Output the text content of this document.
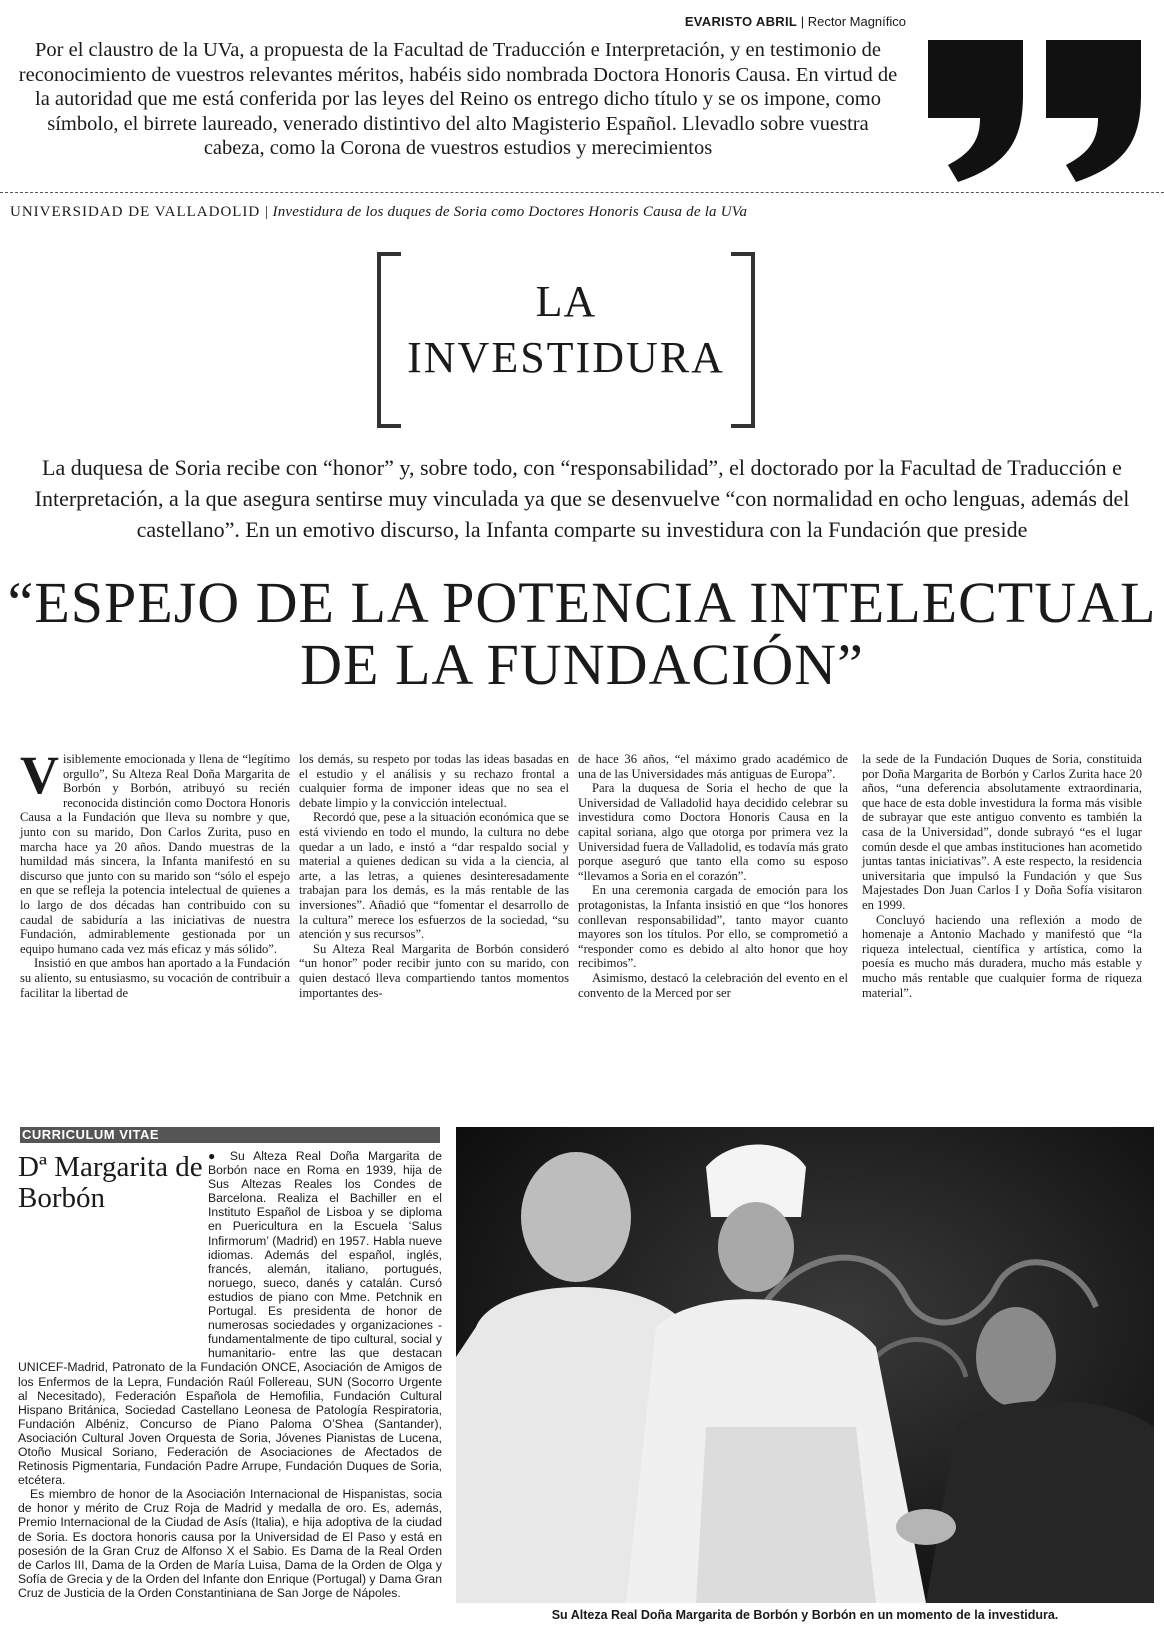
EVARISTO ABRIL | Rector Magnífico
Por el claustro de la UVa, a propuesta de la Facultad de Traducción e Interpretación, y en testimonio de reconocimiento de vuestros relevantes méritos, habéis sido nombrada Doctora Honoris Causa. En virtud de la autoridad que me está conferida por las leyes del Reino os entrego dicho título y se os impone, como símbolo, el birrete laureado, venerado distintivo del alto Magisterio Español. Llevadlo sobre vuestra cabeza, como la Corona de vuestros estudios y merecimientos
UNIVERSIDAD DE VALLADOLID | Investidura de los duques de Soria como Doctores Honoris Causa de la UVa
LA
INVESTIDURA
La duquesa de Soria recibe con “honor” y, sobre todo, con “responsabilidad”, el doctorado por la Facultad de Traducción e Interpretación, a la que asegura sentirse muy vinculada ya que se desenvuelve “con normalidad en ocho lenguas, además del castellano”. En un emotivo discurso, la Infanta comparte su investidura con la Fundación que preside
“ESPEJO DE LA POTENCIA INTELECTUAL DE LA FUNDACIÓN”

Visiblemente emocionada y llena de “legítimo orgullo”, Su Alteza Real Doña Margarita de Borbón y Borbón, atribuyó su recién reconocida distinción como Doctora Honoris Causa a la Fundación que lleva su nombre y que, junto con su marido, Don Carlos Zurita, puso en marcha hace ya 20 años. Dando muestras de la humildad más sincera, la Infanta manifestó en su discurso que junto con su marido son “sólo el espejo en que se refleja la potencia intelectual de quienes a lo largo de dos décadas han contribuido con su caudal de sabiduría a las iniciativas de nuestra Fundación, admirablemente gestionada por un equipo humano cada vez más eficaz y más sólido”.

Insistió en que ambos han aportado a la Fundación su aliento, su entusiasmo, su vocación de contribuir a facilitar la libertad de

los demás, su respeto por todas las ideas basadas en el estudio y el análisis y su rechazo frontal a cualquier forma de imponer ideas que no sea el debate limpio y la convicción intelectual.

Recordó que, pese a la situación económica que se está viviendo en todo el mundo, la cultura no debe quedar a un lado, e instó a “dar respaldo social y material a quienes dedican su vida a la ciencia, al arte, a las letras, a quienes desinteresadamente trabajan para los demás, es la más rentable de las inversiones”. Añadió que “fomentar el desarrollo de la cultura” merece los esfuerzos de la sociedad, “su atención y sus recursos”.

Su Alteza Real Margarita de Borbón consideró “un honor” poder recibir junto con su marido, con quien destacó lleva compartiendo tantos momentos importantes des-

de hace 36 años, “el máximo grado académico de una de las Universidades más antiguas de Europa”.

Para la duquesa de Soria el hecho de que la Universidad de Valladolid haya decidido celebrar su investidura como Doctora Honoris Causa en la capital soriana, algo que otorga por primera vez la Universidad fuera de Valladolid, es todavía más grato porque aseguró que tanto ella como su esposo “llevamos a Soria en el corazón”.

En una ceremonia cargada de emoción para los protagonistas, la Infanta insistió en que “los honores conllevan responsabilidad”, tanto mayor cuanto mayores son los títulos. Por ello, se comprometió a “responder como es debido al alto honor que hoy recibimos”.

Asimismo, destacó la celebración del evento en el convento de la Merced por ser

la sede de la Fundación Duques de Soria, constituida por Doña Margarita de Borbón y Carlos Zurita hace 20 años, “una deferencia absolutamente extraordinaria, que hace de esta doble investidura la forma más visible de subrayar que este antiguo convento es también la casa de la Universidad”, donde subrayó “es el lugar común desde el que ambas instituciones han acometido juntas tantas iniciativas”. A este respecto, la residencia universitaria que impulsó la Fundación y que Sus Majestades Don Juan Carlos I y Doña Sofía visitaron en 1999.

Concluyó haciendo una reflexión a modo de homenaje a Antonio Machado y manifestó que “la riqueza intelectual, científica y artística, como la poesía es mucho más duradera, mucho más estable y mucho más rentable que cualquier forma de riqueza material”.

CURRICULUM VITAE
Dª Margarita de Borbón

● Su Alteza Real Doña Margarita de Borbón nace en Roma en 1939, hija de Sus Altezas Reales los Condes de Barcelona. Realiza el Bachiller en el Instituto Español de Lisboa y se diploma en Puericultura en la Escuela ‘Salus Infirmorum’ (Madrid) en 1957. Habla nueve idiomas. Además del español, inglés, francés, alemán, italiano, portugués, noruego, sueco, danés y catalán. Cursó estudios de piano con Mme. Petchnik en Portugal. Es presidenta de honor de numerosas sociedades y organizaciones -fundamentalmente de tipo cultural, social y humanitario- entre las que destacan UNICEF-Madrid, Patronato de la Fundación ONCE, Asociación de Amigos de los Enfermos de la Lepra, Fundación Raúl Follereau, SUN (Socorro Urgente al Necesitado), Federación Española de Hemofilia, Fundación Cultural Hispano Británica, Sociedad Castellano Leonesa de Patología Respiratoria, Fundación Albéniz, Concurso de Piano Paloma O’Shea (Santander), Asociación Cultural Joven Orquesta de Soria, Jóvenes Pianistas de Lucena, Otoño Musical Soriano, Federación de Asociaciones de Afectados de Retinosis Pigmentaria, Fundación Padre Arrupe, Fundación Duques de Soria, etcétera.

Es miembro de honor de la Asociación Internacional de Hispanistas, socia de honor y mérito de Cruz Roja de Madrid y medalla de oro. Es, además, Premio Internacional de la Ciudad de Asís (Italia), e hija adoptiva de la ciudad de Soria. Es doctora honoris causa por la Universidad de El Paso y está en posesión de la Gran Cruz de Alfonso X el Sabio. Es Dama de la Real Orden de Carlos III, Dama de la Orden de María Luisa, Dama de la Orden de Olga y Sofía de Grecia y de la Orden del Infante don Enrique (Portugal) y Dama Gran Cruz de Justicia de la Orden Constantiniana de San Jorge de Nápoles.

Su Alteza Real Doña Margarita de Borbón y Borbón en un momento de la investidura.
